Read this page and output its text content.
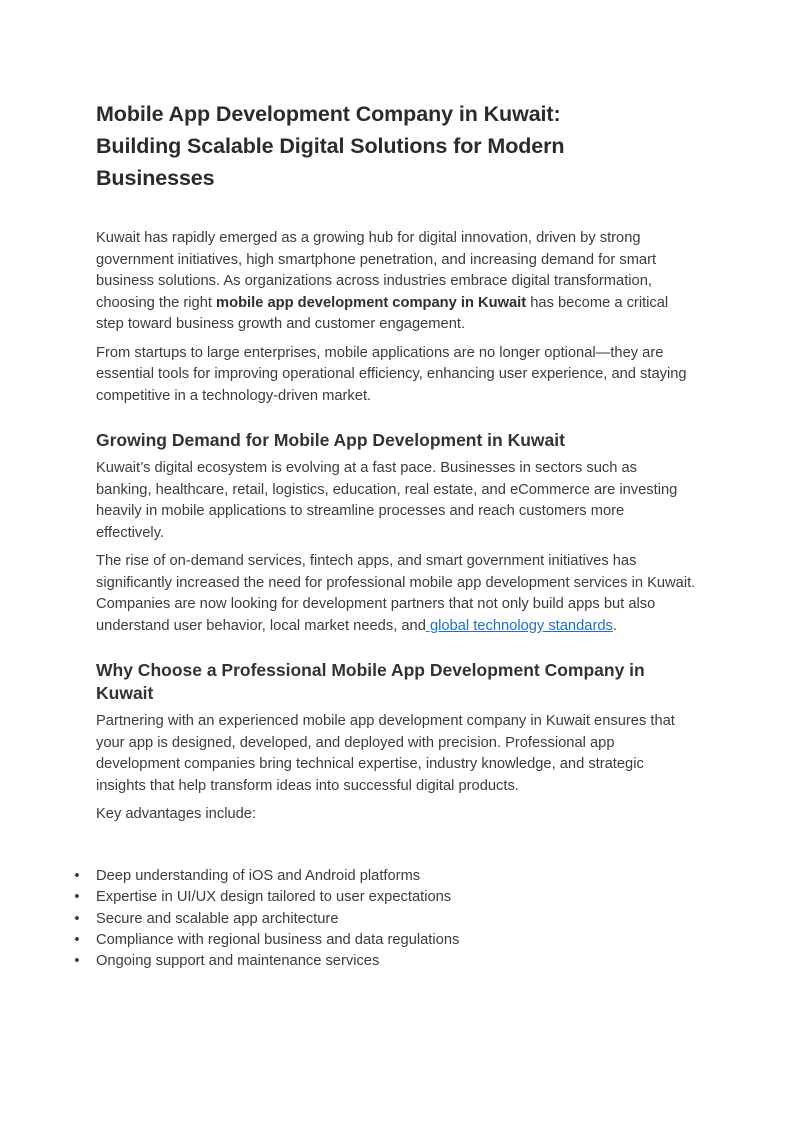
Mobile App Development Company in Kuwait:
Building Scalable Digital Solutions for Modern
Businesses

Kuwait has rapidly emerged as a growing hub for digital innovation, driven by strong government initiatives, high smartphone penetration, and increasing demand for smart business solutions. As organizations across industries embrace digital transformation, choosing the right mobile app development company in Kuwait has become a critical step toward business growth and customer engagement.

From startups to large enterprises, mobile applications are no longer optional—they are essential tools for improving operational efficiency, enhancing user experience, and staying competitive in a technology-driven market.

Growing Demand for Mobile App Development in Kuwait

Kuwait’s digital ecosystem is evolving at a fast pace. Businesses in sectors such as banking, healthcare, retail, logistics, education, real estate, and eCommerce are investing heavily in mobile applications to streamline processes and reach customers more effectively.

The rise of on-demand services, fintech apps, and smart government initiatives has significantly increased the need for professional mobile app development services in Kuwait. Companies are now looking for development partners that not only build apps but also understand user behavior, local market needs, and global technology standards.

Why Choose a Professional Mobile App Development Company in Kuwait

Partnering with an experienced mobile app development company in Kuwait ensures that your app is designed, developed, and deployed with precision. Professional app development companies bring technical expertise, industry knowledge, and strategic insights that help transform ideas into successful digital products.

Key advantages include:

• Deep understanding of iOS and Android platforms
• Expertise in UI/UX design tailored to user expectations
• Secure and scalable app architecture
• Compliance with regional business and data regulations
• Ongoing support and maintenance services
